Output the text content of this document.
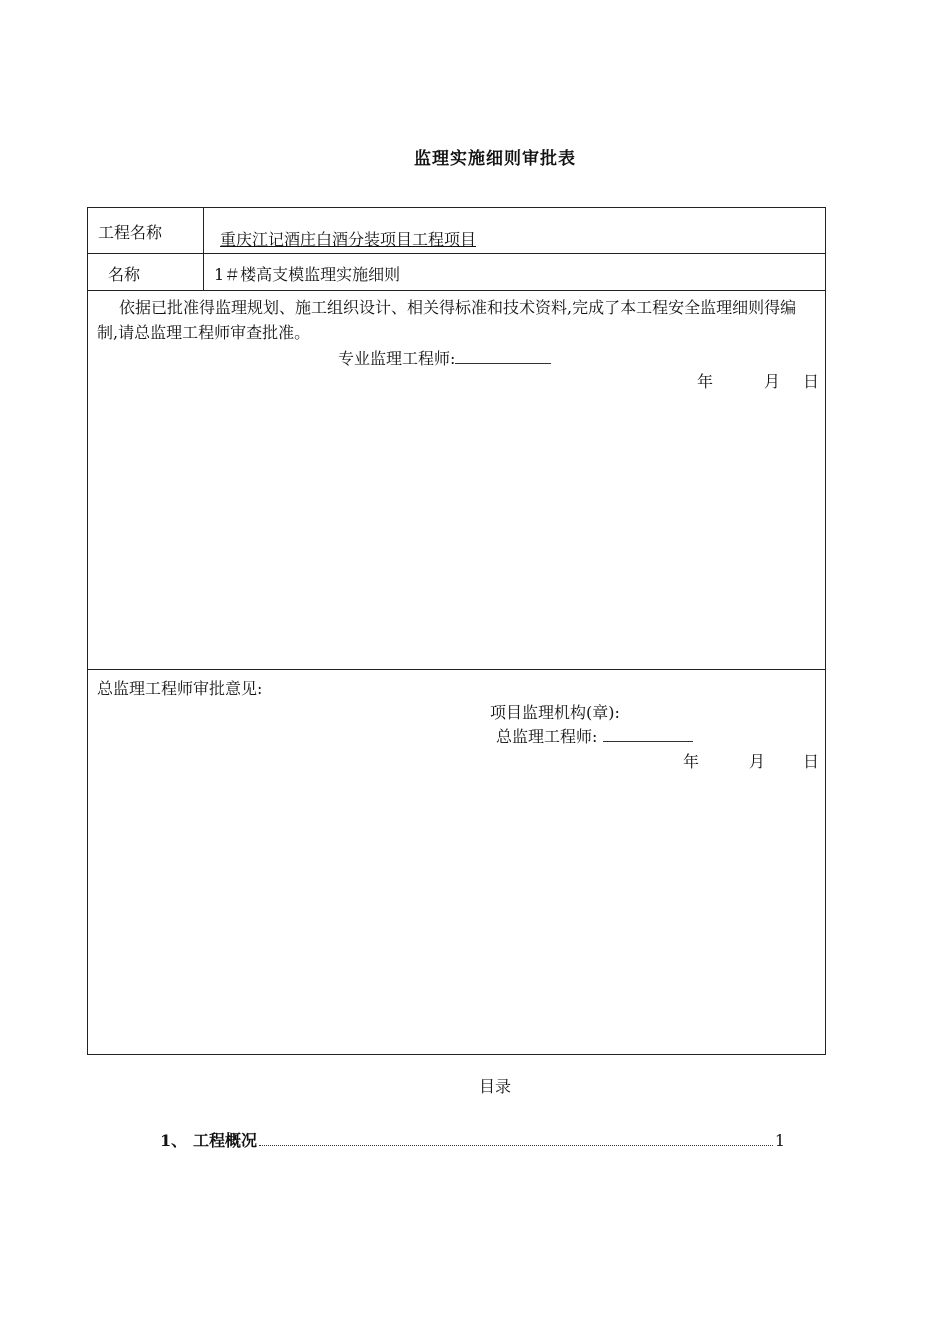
监理实施细则审批表
工程名称	重庆江记酒庄白酒分装项目工程项目
名称	1＃楼高支模监理实施细则
依据已批准得监理规划、施工组织设计、相关得标准和技术资料,完成了本工程安全监理细则得编制,请总监理工程师审查批准。
专业监理工程师:
年	月 日
总监理工程师审批意见:
项目监理机构(章):
总监理工程师:
年	月 日
目录
1、 工程概况	1
